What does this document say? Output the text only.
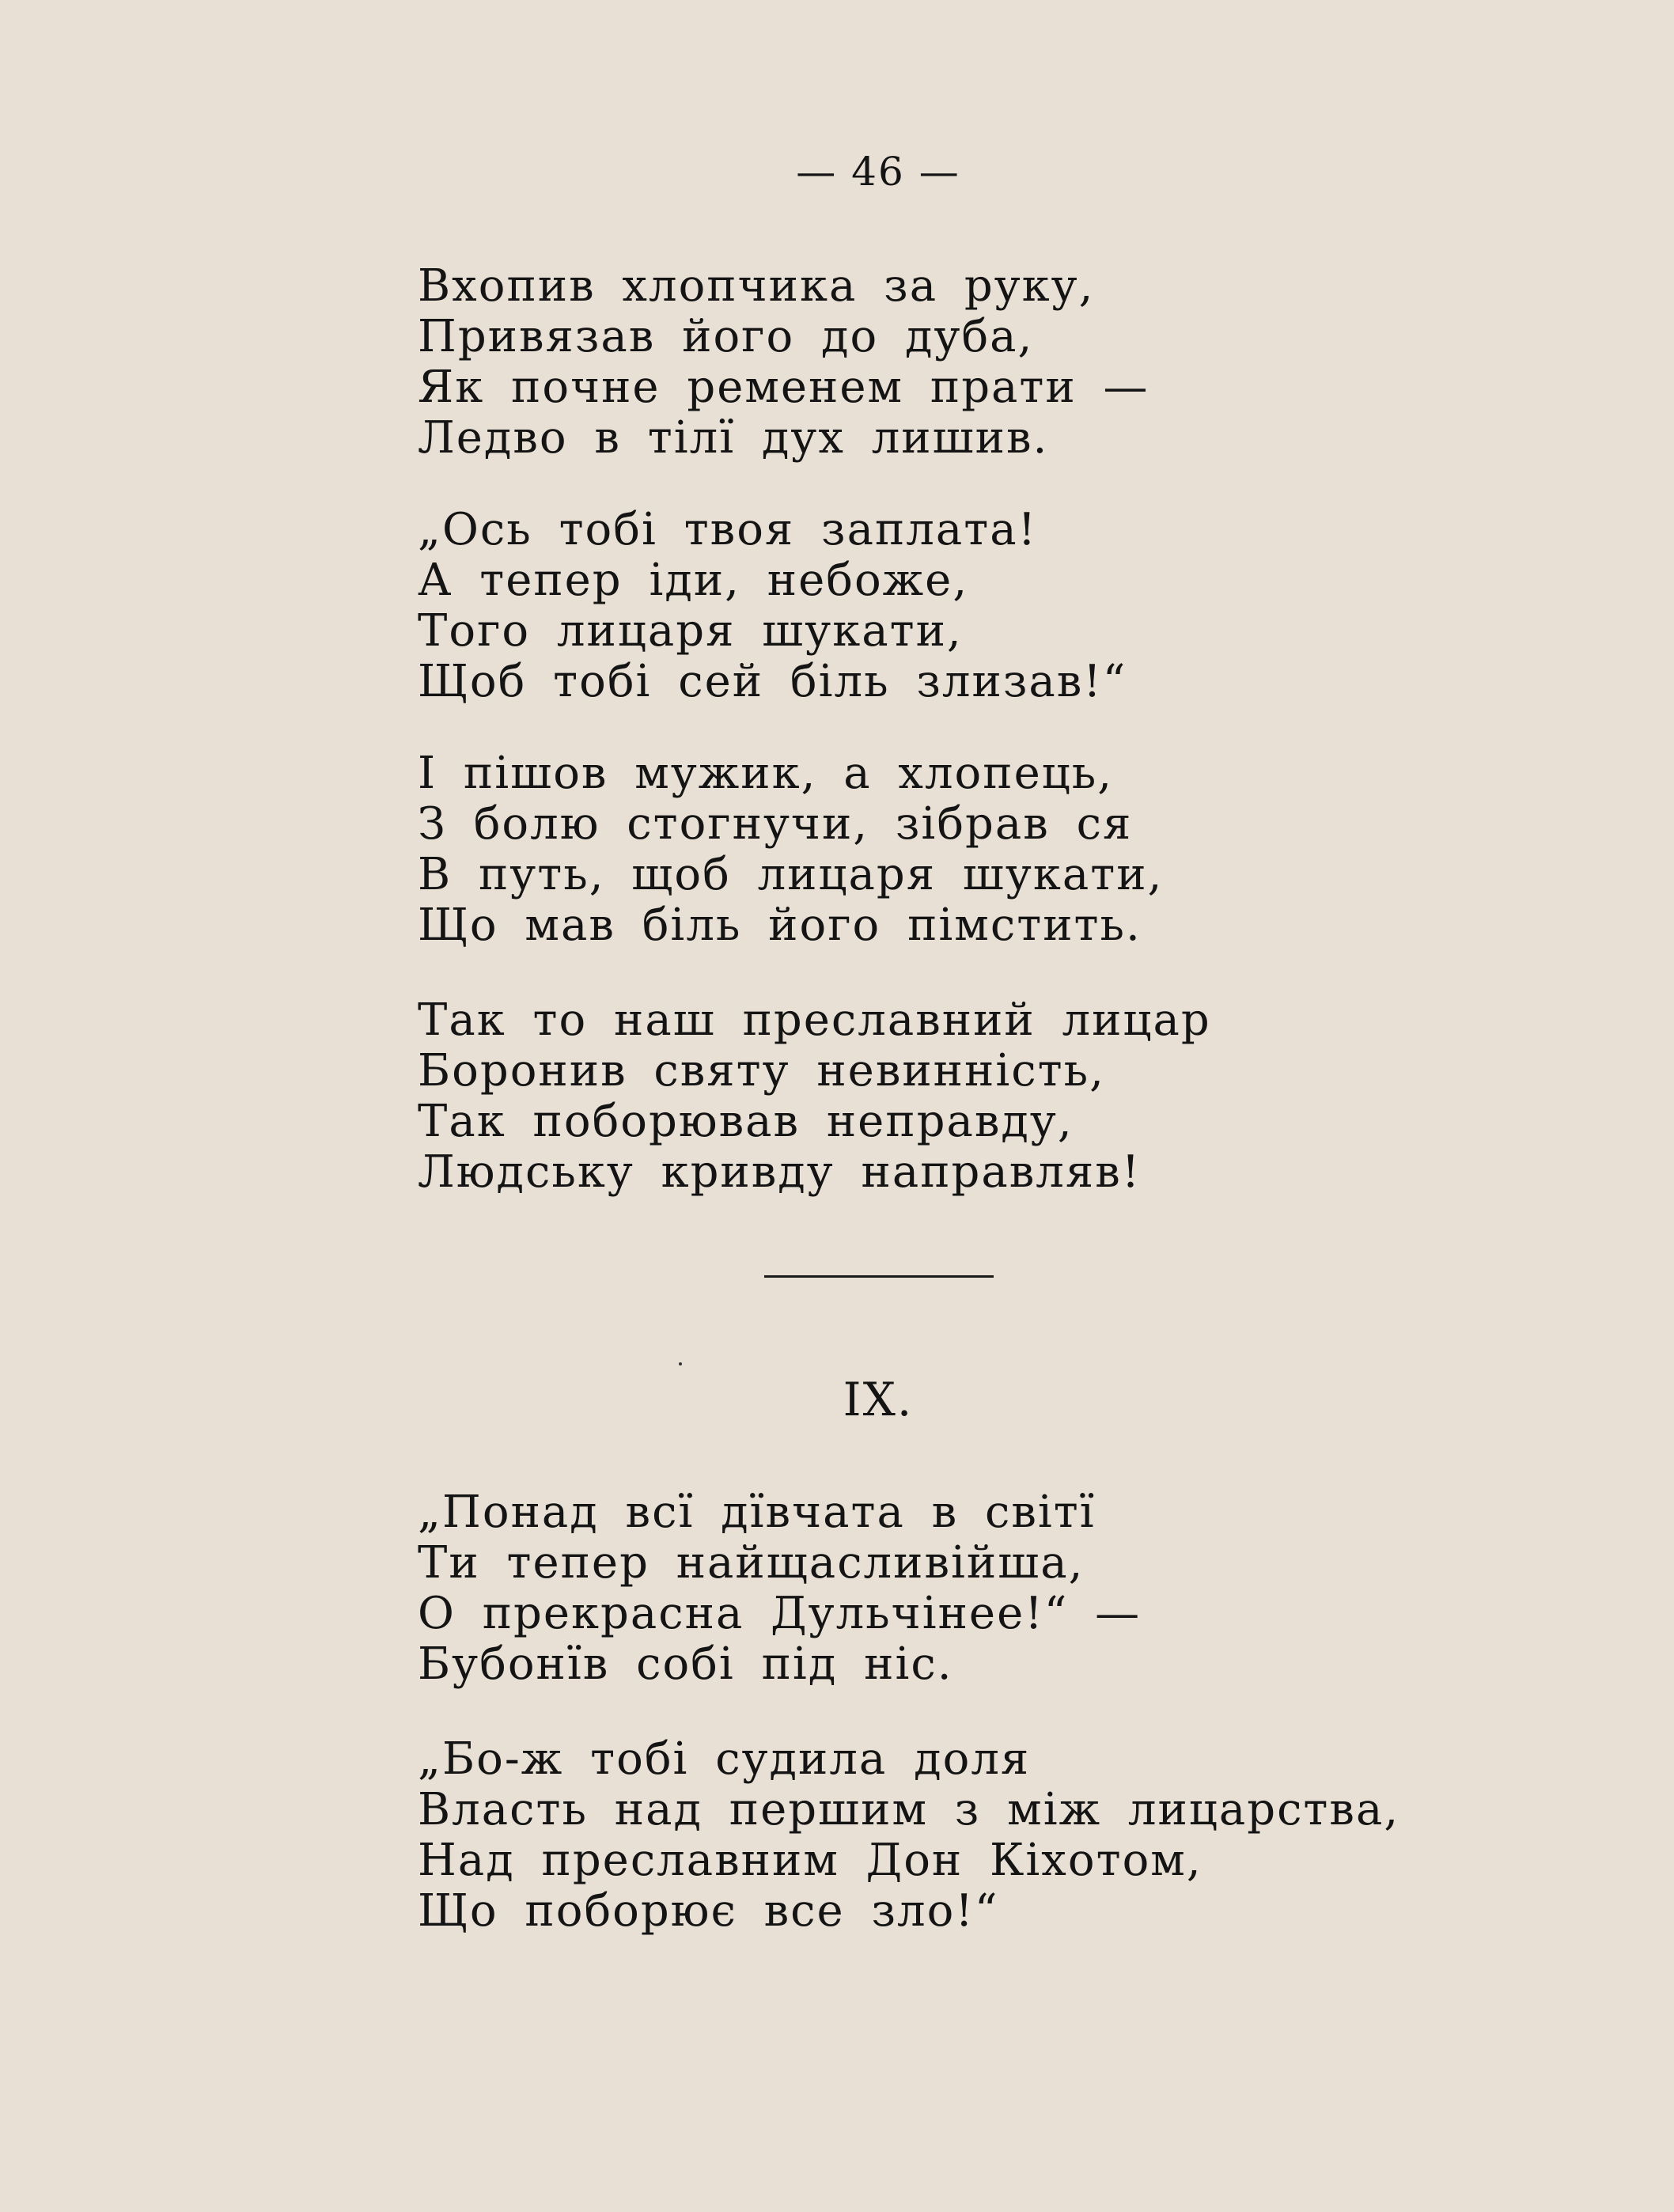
— 46 —
Вхопив хлопчика за руку,
Привязав його до дуба,
Як почне ременем прати —
Ледво в тілї дух лишив.
„Ось тобі твоя заплата!
А тепер іди, небоже,
Того лицаря шукати,
Щоб тобі сей біль злизав!“
І пішов мужик, а хлопець,
З болю стогнучи, зібрав ся
В путь, щоб лицаря шукати,
Що мав біль його пімстить.
Так то наш преславний лицар
Боронив святу невинність,
Так поборював неправду,
Людську кривду направляв!
IX.
„Понад всї дївчата в світї
Ти тепер найщасливійша,
О прекрасна Дульчінее!“ —
Бубонїв собі під ніс.
„Бо-ж тобі судила доля
Власть над першим з між лицарства,
Над преславним Дон Кіхотом,
Що поборює все зло!“
